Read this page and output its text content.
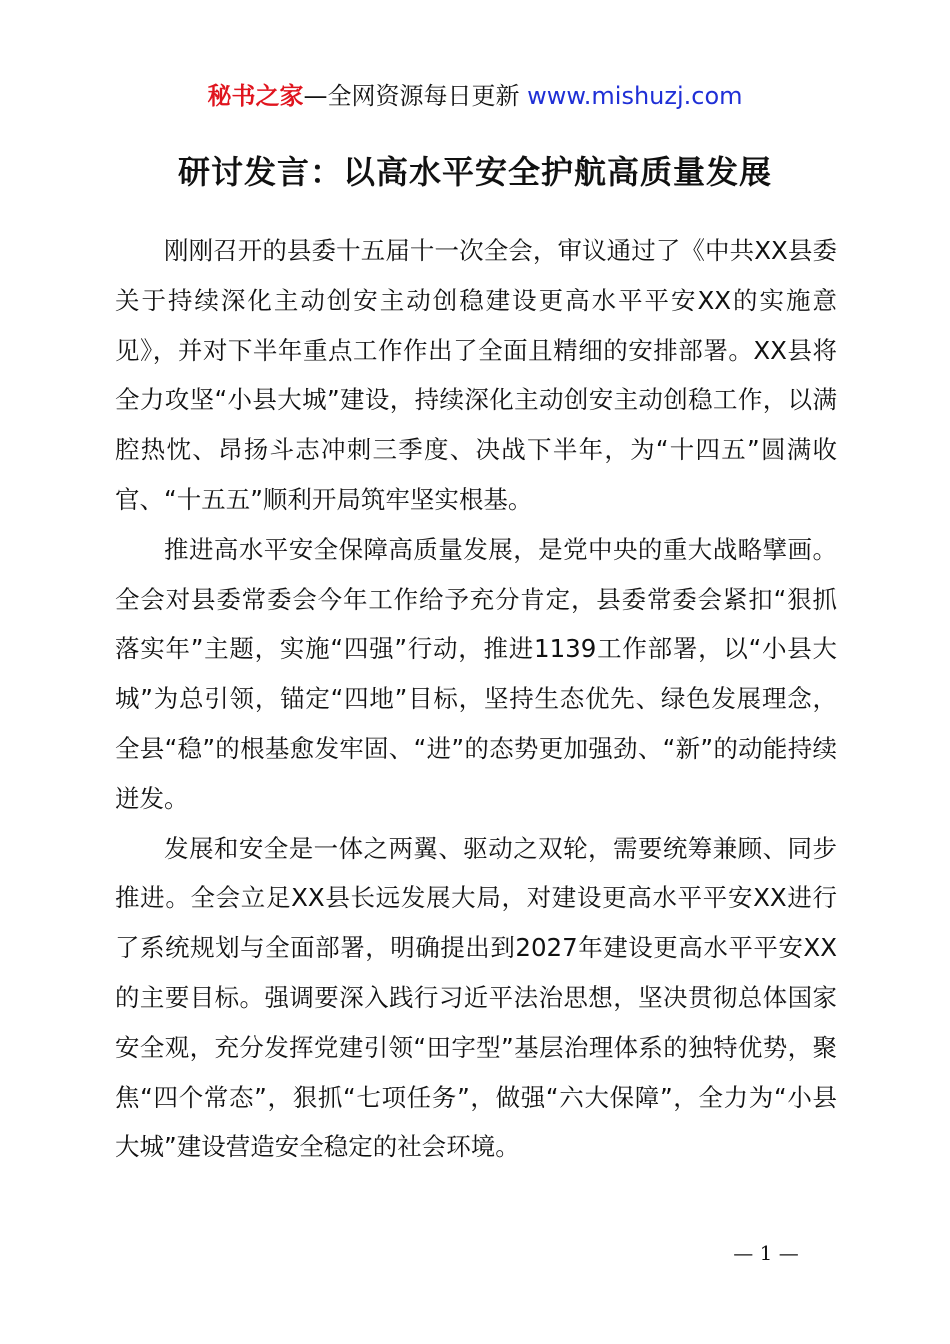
秘书之家—全网资源每日更新 www.mishuzj.com
研讨发言：以高水平安全护航高质量发展

刚刚召开的县委十五届十一次全会，审议通过了《中共XX县委关于持续深化主动创安主动创稳建设更高水平平安XX的实施意见》，并对下半年重点工作作出了全面且精细的安排部署。XX县将全力攻坚“小县大城”建设，持续深化主动创安主动创稳工作，以满腔热忱、昂扬斗志冲刺三季度、决战下半年，为“十四五”圆满收官、“十五五”顺利开局筑牢坚实根基。

推进高水平安全保障高质量发展，是党中央的重大战略擘画。全会对县委常委会今年工作给予充分肯定，县委常委会紧扣“狠抓落实年”主题，实施“四强”行动，推进1139工作部署，以“小县大城”为总引领，锚定“四地”目标，坚持生态优先、绿色发展理念，全县“稳”的根基愈发牢固、“进”的态势更加强劲、“新”的动能持续迸发。

发展和安全是一体之两翼、驱动之双轮，需要统筹兼顾、同步推进。全会立足XX县长远发展大局，对建设更高水平平安XX进行了系统规划与全面部署，明确提出到2027年建设更高水平平安XX的主要目标。强调要深入践行习近平法治思想，坚决贯彻总体国家安全观，充分发挥党建引领“田字型”基层治理体系的独特优势，聚焦“四个常态”，狠抓“七项任务”，做强“六大保障”，全力为“小县大城”建设营造安全稳定的社会环境。

— 1 —
